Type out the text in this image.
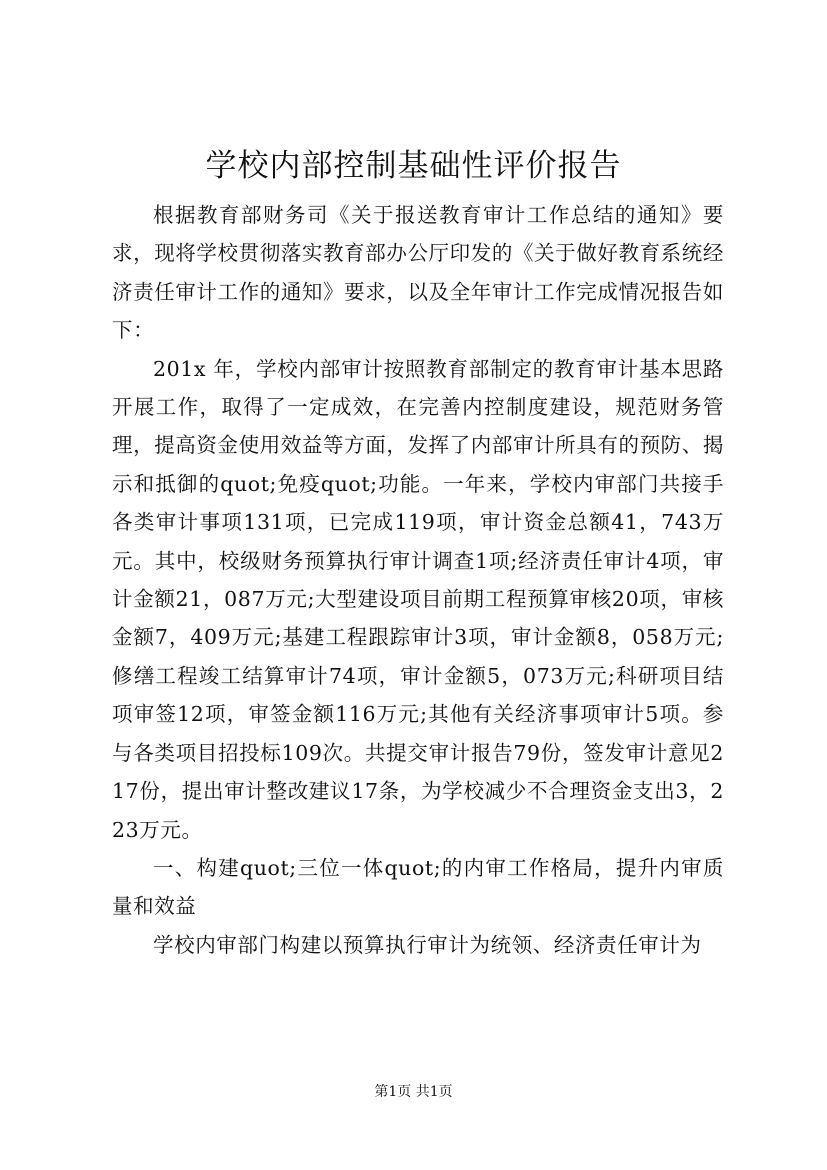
学校内部控制基础性评价报告

根据教育部财务司《关于报送教育审计工作总结的通知》要求，现将学校贯彻落实教育部办公厅印发的《关于做好教育系统经济责任审计工作的通知》要求，以及全年审计工作完成情况报告如下：

201x 年，学校内部审计按照教育部制定的教育审计基本思路开展工作，取得了一定成效，在完善内控制度建设，规范财务管理，提高资金使用效益等方面，发挥了内部审计所具有的预防、揭示和抵御的quot;免疫quot;功能。一年来，学校内审部门共接手各类审计事项131项，已完成119项，审计资金总额41，743万元。其中，校级财务预算执行审计调查1项;经济责任审计4项，审计金额21，087万元;大型建设项目前期工程预算审核20项，审核金额7，409万元;基建工程跟踪审计3项，审计金额8，058万元;修缮工程竣工结算审计74项，审计金额5，073万元;科研项目结项审签12项，审签金额116万元;其他有关经济事项审计5项。参与各类项目招投标109次。共提交审计报告79份，签发审计意见217份，提出审计整改建议17条，为学校减少不合理资金支出3，223万元。

一、构建quot;三位一体quot;的内审工作格局，提升内审质量和效益

学校内审部门构建以预算执行审计为统领、经济责任审计为

第1页 共1页
